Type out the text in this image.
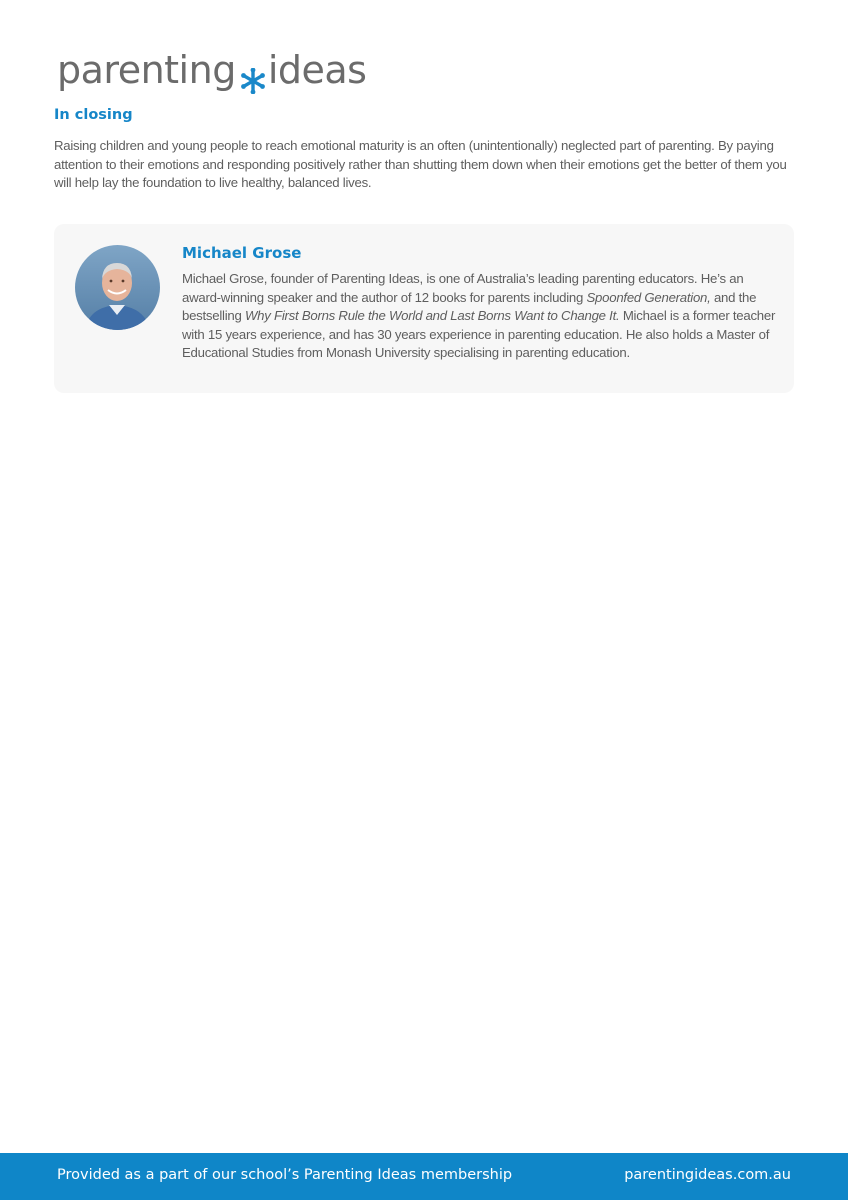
parenting ideas
In closing

Raising children and young people to reach emotional maturity is an often (unintentionally) neglected part of parenting. By paying attention to their emotions and responding positively rather than shutting them down when their emotions get the better of them you will help lay the foundation to live healthy, balanced lives.

Michael Grose

Michael Grose, founder of Parenting Ideas, is one of Australia’s leading parenting educators. He’s an award-winning speaker and the author of 12 books for parents including Spoonfed Generation, and the bestselling Why First Borns Rule the World and Last Borns Want to Change It. Michael is a former teacher with 15 years experience, and has 30 years experience in parenting education. He also holds a Master of Educational Studies from Monash University specialising in parenting education.

Provided as a part of our school’s Parenting Ideas membership	parentingideas.com.au
